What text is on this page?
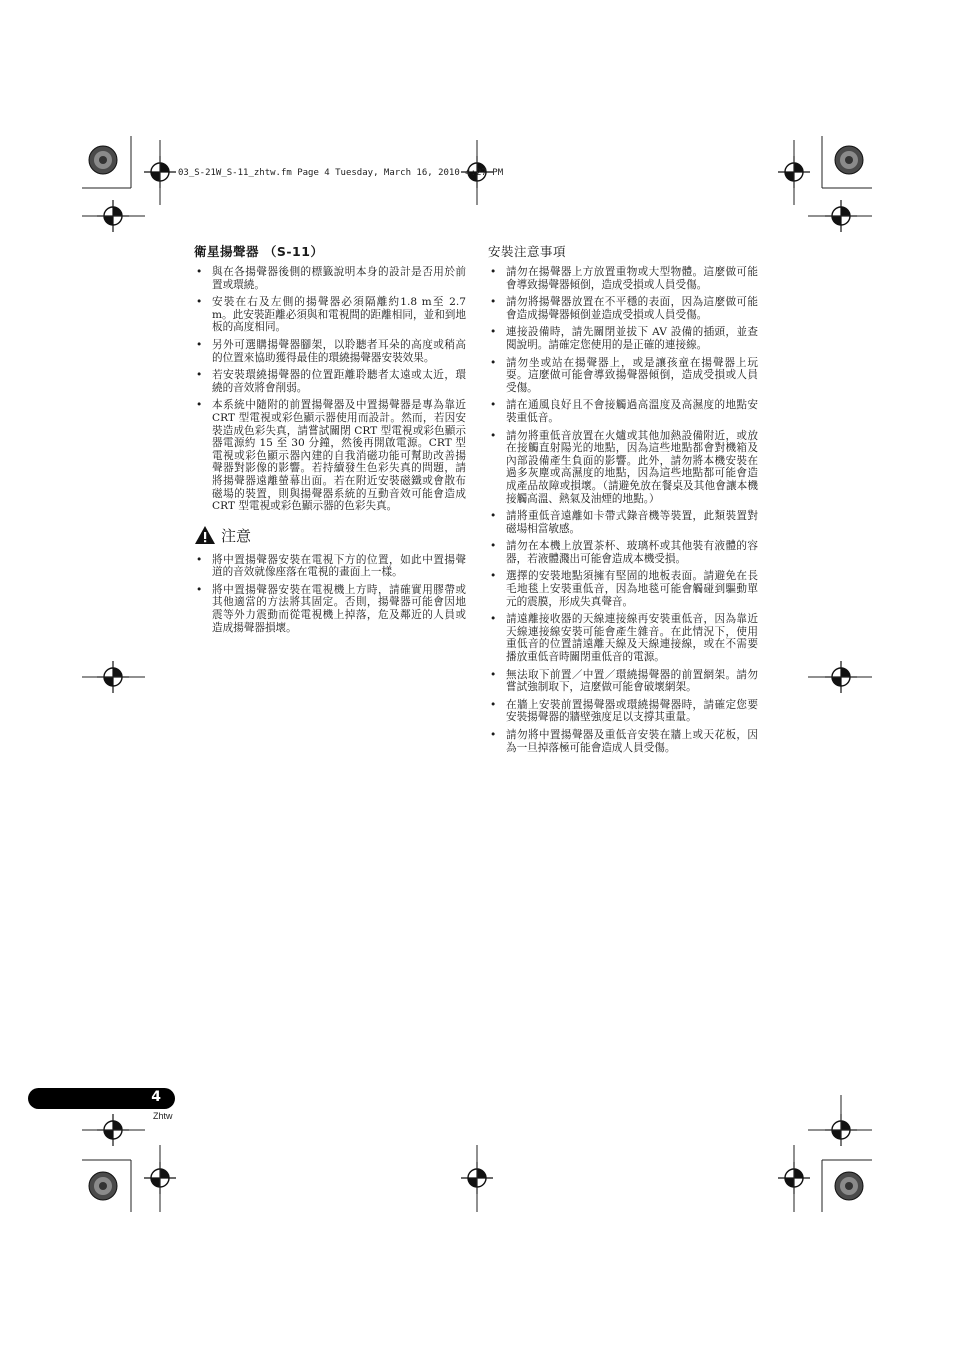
03_S-21W_S-11_zhtw.fm Page 4 Tuesday, March 16, 2010 4:27 PM
衛星揚聲器 （S-11）
• 與在各揚聲器後側的標籤說明本身的設計是否用於前置或環繞。
• 安裝在右及左側的揚聲器必須隔離約1.8 m至 2.7 m。此安裝距離必須與和電視間的距離相同，並和到地板的高度相同。
• 另外可選購揚聲器腳架，以聆聽者耳朵的高度或稍高的位置來協助獲得最佳的環繞揚聲器安裝效果。
• 若安裝環繞揚聲器的位置距離聆聽者太遠或太近，環繞的音效將會削弱。
• 本系統中隨附的前置揚聲器及中置揚聲器是專為靠近 CRT 型電視或彩色顯示器使用而設計。然而，若因安裝造成色彩失真，請嘗試關閉 CRT 型電視或彩色顯示器電源約 15 至 30 分鐘，然後再開啟電源。CRT 型電視或彩色顯示器內建的自我消磁功能可幫助改善揚聲器對影像的影響。若持續發生色彩失真的問題，請將揚聲器遠離螢幕出面。若在附近安裝磁鐵或會散布磁場的裝置，則與揚聲器系統的互動音效可能會造成 CRT 型電視或彩色顯示器的色彩失真。
注意
• 將中置揚聲器安裝在電視下方的位置，如此中置揚聲道的音效就像座落在電視的畫面上一樣。
• 將中置揚聲器安裝在電視機上方時，請確實用膠帶或其他適當的方法將其固定。否則，揚聲器可能會因地震等外力震動而從電視機上掉落，危及鄰近的人員或造成揚聲器損壞。
安裝注意事項
• 請勿在揚聲器上方放置重物或大型物體。這麼做可能會導致揚聲器傾倒，造成受損或人員受傷。
• 請勿將揚聲器放置在不平穩的表面，因為這麼做可能會造成揚聲器傾倒並造成受損或人員受傷。
• 連接設備時，請先關閉並拔下 AV 設備的插頭，並查閱說明。請確定您使用的是正確的連接線。
• 請勿坐或站在揚聲器上，或是讓孩童在揚聲器上玩耍。這麼做可能會導致揚聲器傾倒，造成受損或人員受傷。
• 請在通風良好且不會接觸過高溫度及高濕度的地點安裝重低音。
• 請勿將重低音放置在火爐或其他加熱設備附近，或放在接觸直射陽光的地點，因為這些地點都會對機箱及內部設備產生負面的影響。此外，請勿將本機安裝在過多灰塵或高濕度的地點，因為這些地點都可能會造成產品故障或損壞。（請避免放在餐桌及其他會讓本機接觸高溫、熱氣及油煙的地點。）
• 請將重低音遠離如卡帶式錄音機等裝置，此類裝置對磁場相當敏感。
• 請勿在本機上放置茶杯、玻璃杯或其他裝有液體的容器，若液體濺出可能會造成本機受損。
• 選擇的安裝地點須擁有堅固的地板表面。請避免在長毛地毯上安裝重低音，因為地毯可能會觸碰到驅動單元的震膜，形成失真聲音。
• 請遠離接收器的天線連接線再安裝重低音，因為靠近天線連接線安裝可能會產生雜音。在此情況下，使用重低音的位置請遠離天線及天線連接線，或在不需要播放重低音時關閉重低音的電源。
• 無法取下前置／中置／環繞揚聲器的前置網架。請勿嘗試強制取下，這麼做可能會破壞網架。
• 在牆上安裝前置揚聲器或環繞揚聲器時，請確定您要安裝揚聲器的牆壁強度足以支撐其重量。
• 請勿將中置揚聲器及重低音安裝在牆上或天花板，因為一旦掉落極可能會造成人員受傷。
4
Zhtw
